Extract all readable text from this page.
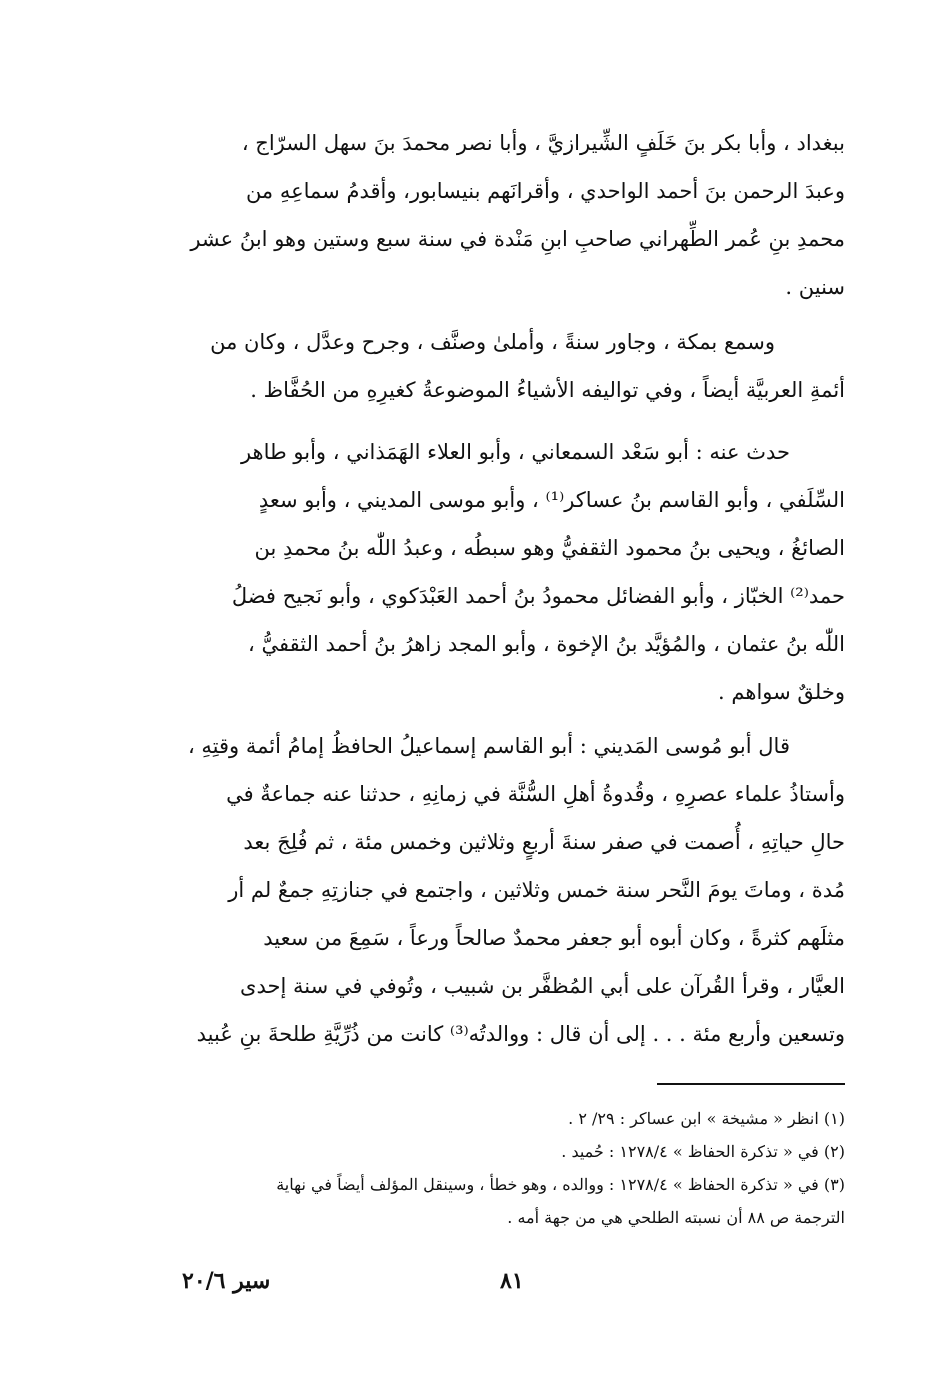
ببغداد ، وأبا بكر بنَ خَلَفٍ الشِّيرازيَّ ، وأبا نصر محمدَ بنَ سهل السرّاج ،
وعبدَ الرحمن بنَ أحمد الواحدي ، وأقرانَهم بنيسابور، وأقدمُ سماعِهِ من
محمدِ بنِ عُمر الطِّهراني صاحبِ ابنِ مَنْدة في سنة سبع وستين وهو ابنُ عشر
سنين .
وسمع بمكة ، وجاور سنةً ، وأملىٰ وصنَّف ، وجرح وعدَّل ، وكان من
أئمةِ العربيَّة أيضاً ، وفي تواليفه الأشياءُ الموضوعةُ كغيرِهِ من الحُفَّاظ .
حدث عنه : أبو سَعْد السمعاني ، وأبو العلاء الهَمَذاني ، وأبو طاهر
السِّلَفي ، وأبو القاسم بنُ عساكر⁽¹⁾ ، وأبو موسى المديني ، وأبو سعدٍ
الصائغُ ، ويحيى بنُ محمود الثقفيُّ وهو سبطُه ، وعبدُ اللّٰه بنُ محمدِ بن
حمد⁽²⁾ الخبّاز ، وأبو الفضائل محمودُ بنُ أحمد العَبْدَكوي ، وأبو نَجيح فضلُ
اللّٰه بنُ عثمان ، والمُؤيَّد بنُ الإخوة ، وأبو المجد زاهرُ بنُ أحمد الثقفيُّ ،
وخلقٌ سواهم .
قال أبو مُوسى المَديني : أبو القاسم إسماعيلُ الحافظُ إمامُ أئمة وقتِهِ ،
وأستاذُ علماء عصرِهِ ، وقُدوةُ أهلِ السُّنَّة في زمانِهِ ، حدثنا عنه جماعةٌ في
حالِ حياتِهِ ، أُصمت في صفر سنةَ أربعٍ وثلاثين وخمس مئة ، ثم فُلِجَ بعد
مُدة ، وماتَ يومَ النَّحر سنة خمس وثلاثين ، واجتمع في جنازتِهِ جمعٌ لم أر
مثلَهم كثرةً ، وكان أبوه أبو جعفر محمدٌ صالحاً ورعاً ، سَمِعَ من سعيد
العيَّار ، وقرأ القُرآن على أبي المُظفَّر بن شبيب ، وتُوفي في سنة إحدى
وتسعين وأربع مئة . . . إلى أن قال : ووالدتُه⁽³⁾ كانت من ذُرِّيَّةِ طلحةَ بنِ عُبيد
(١) انظر « مشيخة » ابن عساكر : ٢٩/ ٢ .
(٢) في « تذكرة الحفاظ » ١٢٧٨/٤ : حُميد .
(٣) في « تذكرة الحفاظ » ١٢٧٨/٤ : ووالده ، وهو خطأ ، وسينقل المؤلف أيضاً في نهاية
الترجمة ص ٨٨ أن نسبته الطلحي هي من جهة أمه .
٨١
سير ٢٠/٦
